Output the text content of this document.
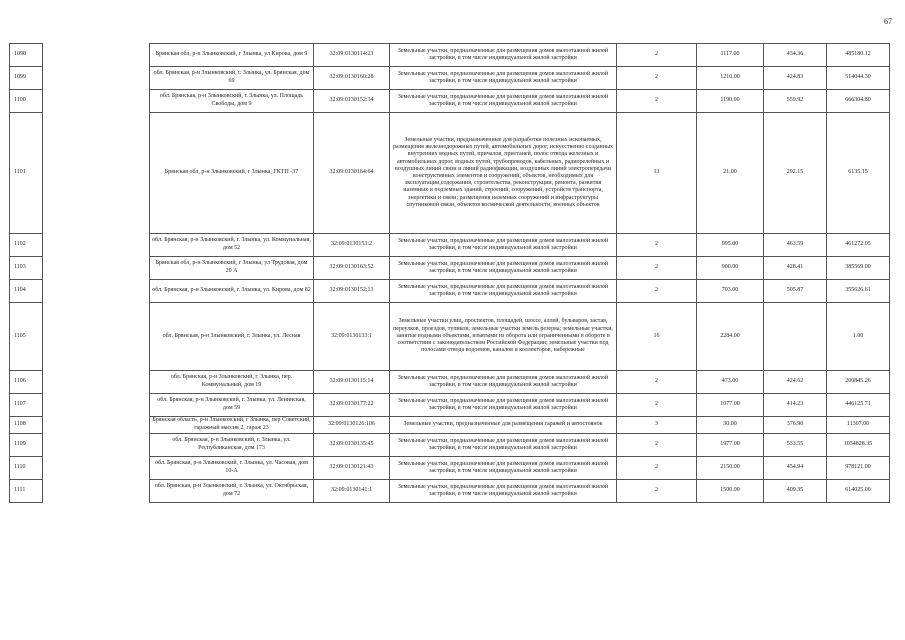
67
1098		Брянская обл, р-н Злынковский, г Злынка, ул Кирова, дом 9	32:09:0130114:23	Земельные участки, предназначенные для размещения домов малоэтажной жилой застройки, в том числе индивидуальной жилой застройки	2	1117.00	434.36	485180.12
1099		обл. Брянская, р-н Злынковский, г. Злынка, ул. Брянская, дом 69	32:09:0130160:28	Земельные участки, предназначенные для размещения домов малоэтажной жилой застройки, в том числе индивидуальной жилой застройки	2	1210.00	424.83	514044.30
1100		обл. Брянская, р-н Злынковский, г. Злынка, ул. Площадь Свободы, дом 9	32:09:0130152:34	Земельные участки, предназначенные для размещения домов малоэтажной жилой застройки, в том числе индивидуальной жилой застройки	2	1190.00	559.92	666304.80
1101		Брянская обл, р-н Злынковский, г Злынка, ГКТП -37	32:09:0130164:64	Земельные участки, предназначенные для разработки полезных ископаемых, размещения железнодорожных путей, автомобильных дорог, искусственно созданных внутренних водных путей, причалов, пристаней, полос отвода железных и автомобильных дорог, водных путей, трубопроводов, кабельных, радиорелейных и воздушных линий связи и линий радиофикации, воздушных линий электропередачи конструктивных элементов и сооружений, объектов, необходимых для эксплуатации,содержания, строительства, реконструкции, ремонта, развития наземных и подземных зданий, строений, сооружений, устройств транспорта, энергетики и связи; размещения наземных сооружений и инфраструктуры спутниковой связи, объектов космической деятельности, военных объектов	13	21.00	292.15	6135.15
1102		обл. Брянская, р-н Злынковский, г. Злынка, ул. Коммунальная, дом 52	32:09:0130153:2	Земельные участки, предназначенные для размещения домов малоэтажной жилой застройки, в том числе индивидуальной жилой застройки	2	995.00	463.59	461272.05
1103		Брянская обл, р-н Злынковский, г Злынка, ул Трудовая, дом 29 А	32:09:0130163:52	Земельные участки, предназначенные для размещения домов малоэтажной жилой застройки, в том числе индивидуальной жилой застройки	2	900.00	428.41	385569.00
1104		обл. Брянская, р-н Злынковский, г. Злынка, ул. Кирова, дом 82	32:09:0130152:13	Земельные участки, предназначенные для размещения домов малоэтажной жилой застройки, в том числе индивидуальной жилой застройки	2	703.00	505.87	355626.61
1105		обл. Брянская, р-н Злынковский, г. Злынка, ул. Лесная	32:09:0130133:1	Земельные участки улиц, проспектов, площадей, шоссе, аллей, бульваров, застав, переулков, проездов, тупиков; земельные участки земель резерва; земельные участки, занятые водными объектами, изъятыми из оборота или ограниченными в обороте в соответствии с законодательством Российской Федерации; земельные участки под полосами отвода водоемов, каналов и коллекторов, набережные	16	2284.00		1.00
1106		обл. Брянская, р-н Злынковский, г. Злынка, пер. Коммунальный, дом 19	32:09:0130115:14	Земельные участки, предназначенные для размещения домов малоэтажной жилой застройки, в том числе индивидуальной жилой застройки	2	473.00	424.62	200845.26
1107		обл. Брянская, р-н Злынковский, г. Злынка, ул. Ленинская, дом 59	32:09:0130177:22	Земельные участки, предназначенные для размещения домов малоэтажной жилой застройки, в том числе индивидуальной жилой застройки	2	1077.00	414.23	446125.71
1108		Брянская область, р-н Злынковский, г Злынка, пер Советский, гаражный массив 2, гараж 23	32:09:0130126:106	Земельные участки, предназначенные для размещения гаражей и автостоянок	3	30.00	376.90	11307.00
1109		обл. Брянская, р-н Злынковский, г. Злынка, ул. Республиканская, дом 173	32:09:0130135:45	Земельные участки, предназначенные для размещения домов малоэтажной жилой застройки, в том числе индивидуальной жилой застройки	2	1977.00	533.55	1054828.35
1110		обл. Брянская, р-н Злынковский, г. Злынка, ул. Часовая, дом 10-А	32:09:0130121:43	Земельные участки, предназначенные для размещения домов малоэтажной жилой застройки, в том числе индивидуальной жилой застройки	2	2150.00	454.94	978121.00
1111		обл. Брянская, р-н Злынковский, г. Злынка, ул. Октябрьская, дом 72	32:09:0130141:1	Земельные участки, предназначенные для размещения домов малоэтажной жилой застройки, в том числе индивидуальной жилой застройки	2	1500.00	409.35	614025.00
